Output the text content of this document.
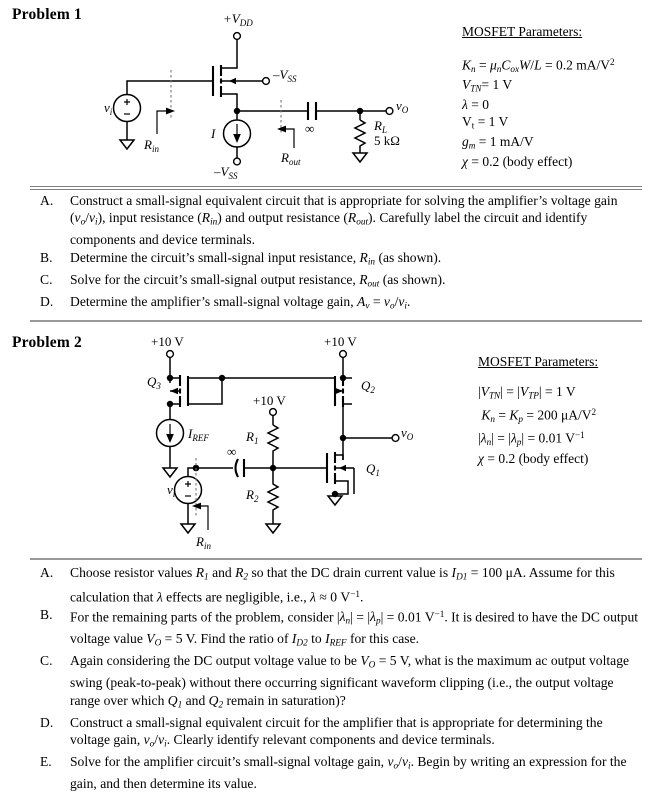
Problem 1	$+V_{DD}$
$-V_{SS}$
$-V_{SS}$
$v_i$	$v_O$
$R_{in}$
$R_{out}$
I	∞	$R_L$
5 kΩ
MOSFET Parameters:
$K_n = \mu_nC_{ox}W/L = 0.2$ $mA/V^2$
$V_{TN}= 1$ V
λ = 0
$V_t = 1$ V
$g_m = 1$ mA/V
χ = 0.2 (body effect)
A.	Construct a small-signal equivalent circuit that is appropriate for solving the amplifier’s voltage gain $(v_o/v_i)$, input resistance $(R_{in})$ and output resistance $(R_{out})$. Carefully label the circuit and identify components and device terminals.
B.	Determine the circuit’s small-signal input resistance, $R_{in}$ (as shown).
C.	Solve for the circuit’s small-signal output resistance, $R_{out}$ (as shown).
D.	Determine the amplifier’s small-signal voltage gain, $A_v = v_o/v_i$.
Problem 2	+10 V	+10 V
+10 V
$Q_3$	$Q_2$
$Q_1$
$I_{REF}$	$R_1$
$R_2$
$v_i$
$v_O$
$R_{in}$
∞
MOSFET Parameters:
$|V_{TN}| = |V_{TP}| = 1$ V
$K_n = K_p = 200$ $\mu A/V^2$
$|\lambda_n| = |\lambda_p| = 0.01$ $V^{-1}$
χ = 0.2 (body effect)
A.	Choose resistor values $R_1$ and $R_2$ so that the DC drain current value is $I_{D1} = 100$ μA. Assume for this calculation that λ effects are negligible, i.e., λ ≈ 0 $V^{-1}$.
B.	For the remaining parts of the problem, consider $|\lambda_n| = |\lambda_p| = 0.01$ $V^{-1}$. It is desired to have the DC output voltage value $V_O = 5$ V. Find the ratio of $I_{D2}$ to $I_{REF}$ for this case.
C.	Again considering the DC output voltage value to be $V_O = 5$ V, what is the maximum ac output voltage swing (peak-to-peak) without there occurring significant waveform clipping (i.e., the output voltage range over which $Q_1$ and $Q_2$ remain in saturation)?
D.	Construct a small-signal equivalent circuit for the amplifier that is appropriate for determining the voltage gain, $v_o/v_i$. Clearly identify relevant components and device terminals.
E.	Solve for the amplifier circuit’s small-signal voltage gain, $v_o/v_i$. Begin by writing an expression for the gain, and then determine its value.
